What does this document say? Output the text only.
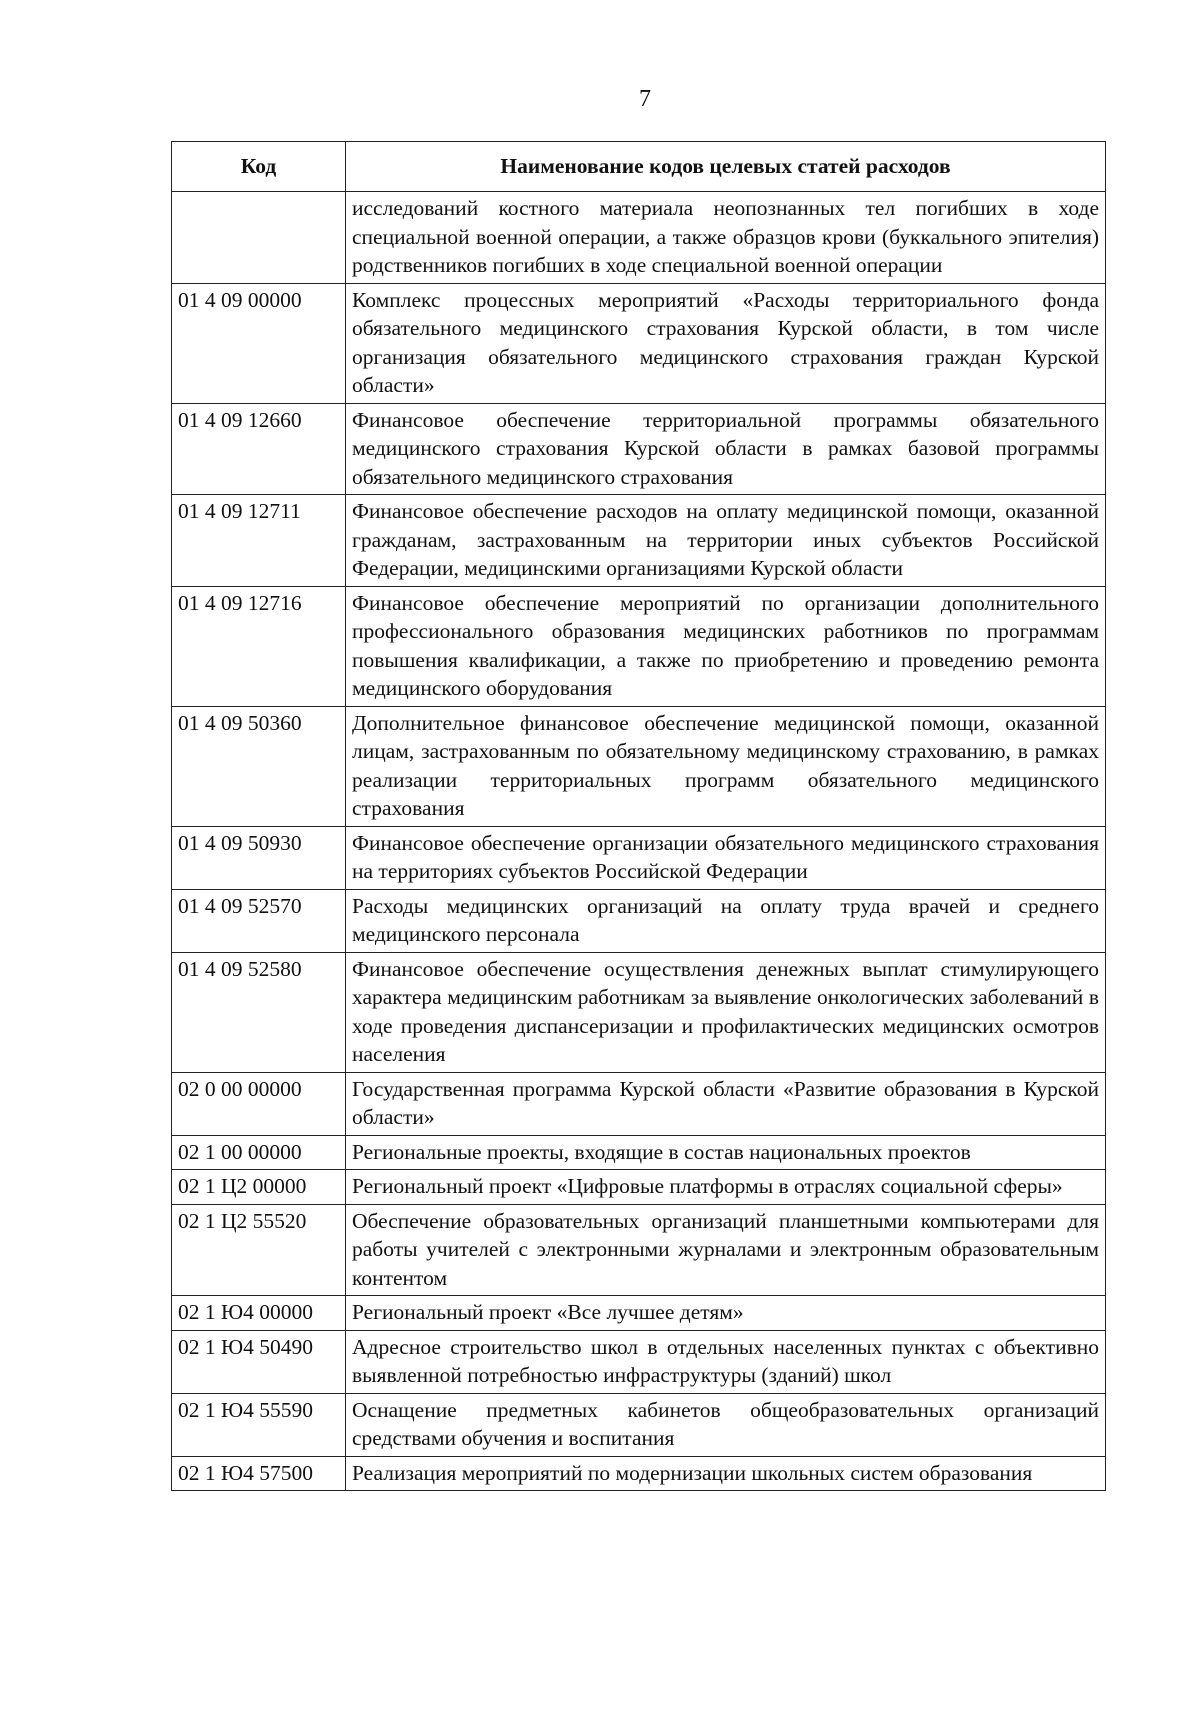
7
Код	Наименование кодов целевых статей расходов
	исследований костного материала неопознанных тел погибших в ходе специальной военной операции, а также образцов крови (буккального эпителия) родственников погибших в ходе специальной военной операции
01 4 09 00000	Комплекс процессных мероприятий «Расходы территориального фонда обязательного медицинского страхования Курской области, в том числе организация обязательного медицинского страхования граждан Курской области»
01 4 09 12660	Финансовое обеспечение территориальной программы обязательного медицинского страхования Курской области в рамках базовой программы обязательного медицинского страхования
01 4 09 12711	Финансовое обеспечение расходов на оплату медицинской помощи, оказанной гражданам, застрахованным на территории иных субъектов Российской Федерации, медицинскими организациями Курской области
01 4 09 12716	Финансовое обеспечение мероприятий по организации дополнительного профессионального образования медицинских работников по программам повышения квалификации, а также по приобретению и проведению ремонта медицинского оборудования
01 4 09 50360	Дополнительное финансовое обеспечение медицинской помощи, оказанной лицам, застрахованным по обязательному медицинскому страхованию, в рамках реализации территориальных программ обязательного медицинского страхования
01 4 09 50930	Финансовое обеспечение организации обязательного медицинского страхования на территориях субъектов Российской Федерации
01 4 09 52570	Расходы медицинских организаций на оплату труда врачей и среднего медицинского персонала
01 4 09 52580	Финансовое обеспечение осуществления денежных выплат стимулирующего характера медицинским работникам за выявление онкологических заболеваний в ходе проведения диспансеризации и профилактических медицинских осмотров населения
02 0 00 00000	Государственная программа Курской области «Развитие образования в Курской области»
02 1 00 00000	Региональные проекты, входящие в состав национальных проектов
02 1 Ц2 00000	Региональный проект «Цифровые платформы в отраслях социальной сферы»
02 1 Ц2 55520	Обеспечение образовательных организаций планшетными компьютерами для работы учителей с электронными журналами и электронным образовательным контентом
02 1 Ю4 00000	Региональный проект «Все лучшее детям»
02 1 Ю4 50490	Адресное строительство школ в отдельных населенных пунктах с объективно выявленной потребностью инфраструктуры (зданий) школ
02 1 Ю4 55590	Оснащение предметных кабинетов общеобразовательных организаций средствами обучения и воспитания
02 1 Ю4 57500	Реализация мероприятий по модернизации школьных систем образования
